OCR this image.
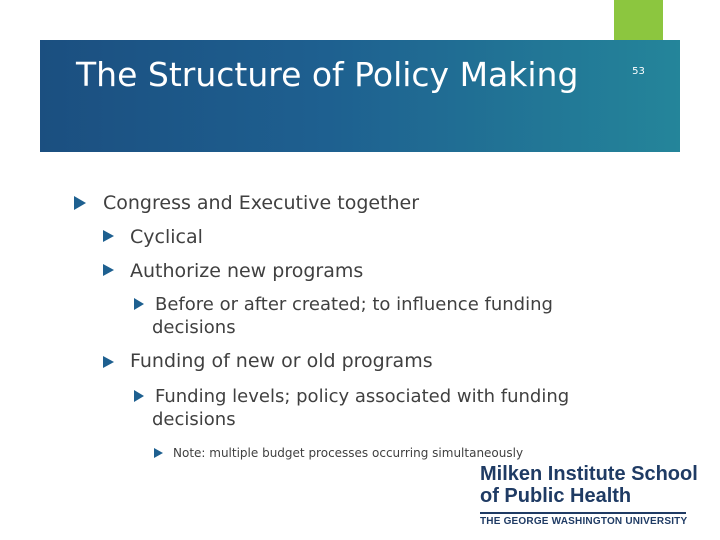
The Structure of Policy Making	53
Congress and Executive together
Cyclical
Authorize new programs
Before or after created; to influence funding decisions
Funding of new or old programs
Funding levels; policy associated with funding decisions
Note: multiple budget processes occurring simultaneously
Milken Institute School
of Public Health
THE GEORGE WASHINGTON UNIVERSITY
